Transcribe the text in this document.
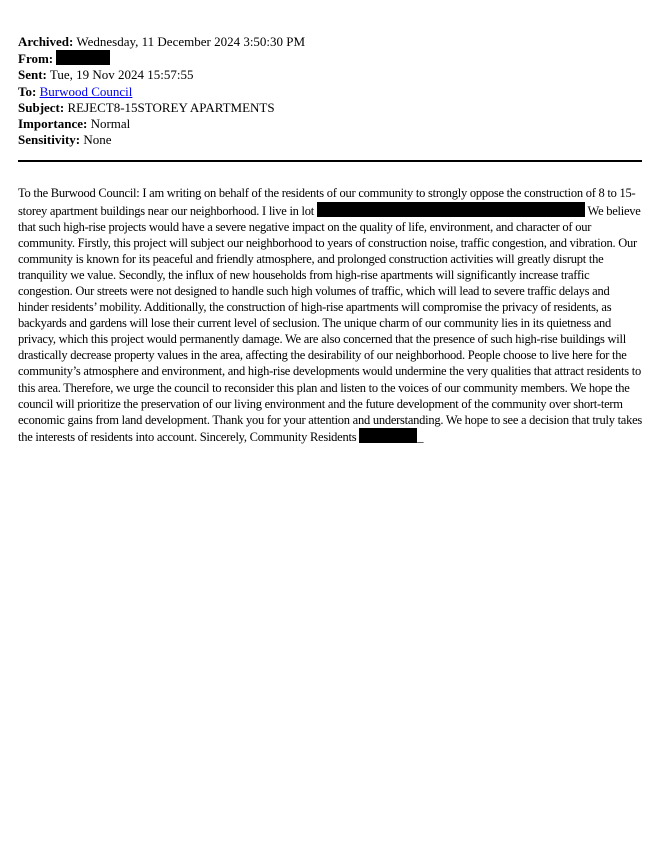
Archived: Wednesday, 11 December 2024 3:50:30 PM
From:
Sent: Tue, 19 Nov 2024 15:57:55
To: Burwood Council
Subject: REJECT8-15STOREY APARTMENTS
Importance: Normal
Sensitivity: None
To the Burwood Council: I am writing on behalf of the residents of our community to strongly oppose the construction of 8 to 15-storey apartment buildings near our neighborhood. I live in lot	We believe that such high-rise projects would have a severe negative impact on the quality of life, environment, and character of our community. Firstly, this project will subject our neighborhood to years of construction noise, traffic congestion, and vibration. Our community is known for its peaceful and friendly atmosphere, and prolonged construction activities will greatly disrupt the tranquility we value. Secondly, the influx of new households from high-rise apartments will significantly increase traffic congestion. Our streets were not designed to handle such high volumes of traffic, which will lead to severe traffic delays and hinder residents’ mobility. Additionally, the construction of high-rise apartments will compromise the privacy of residents, as backyards and gardens will lose their current level of seclusion. The unique charm of our community lies in its quietness and privacy, which this project would permanently damage. We are also concerned that the presence of such high-rise buildings will drastically decrease property values in the area, affecting the desirability of our neighborhood. People choose to live here for the community’s atmosphere and environment, and high-rise developments would undermine the very qualities that attract residents to this area. Therefore, we urge the council to reconsider this plan and listen to the voices of our community members. We hope the council will prioritize the preservation of our living environment and the future development of the community over short-term economic gains from land development. Thank you for your attention and understanding. We hope to see a decision that truly takes the interests of residents into account. Sincerely, Community Residents	_
